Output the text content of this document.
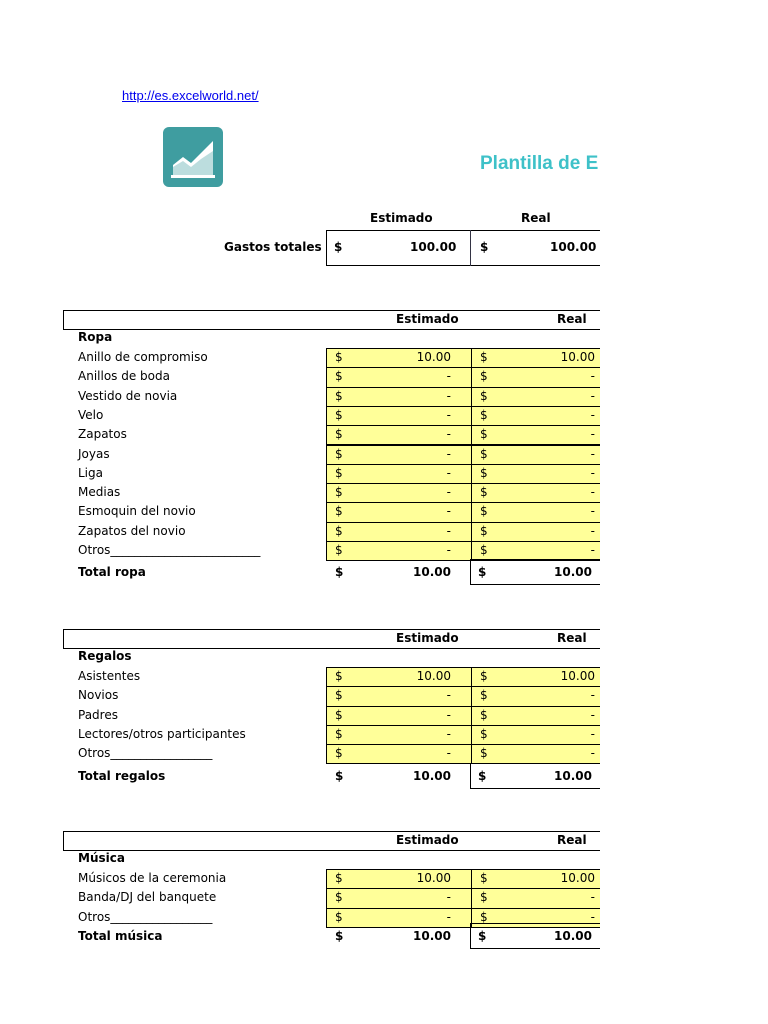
http://es.excelworld.net/
Plantilla de E
Estimado	Real
Gastos totales $	100.00 $	100.00
Estimado	Real
Ropa
Anillo de compromiso	$	10.00 $	10.00
Anillos de boda	$	- $	-
Vestido de novia	$	- $	-
Velo	$	- $	-
Zapatos	$	- $	-
Joyas	$	- $	-
Liga	$	- $	-
Medias	$	- $	-
Esmoquin del novio	$	- $	-
Zapatos del novio	$	- $	-
Otros_________________________	$	- $	-
Total ropa	$	10.00 $	10.00
Estimado	Real
Regalos
Asistentes	$	10.00 $	10.00
Novios	$	- $	-
Padres	$	- $	-
Lectores/otros participantes	$	- $	-
Otros_________________	$	- $	-
Total regalos	$	10.00 $	10.00
Estimado	Real
Música
Músicos de la ceremonia	$	10.00 $	10.00
Banda/DJ del banquete	$	- $	-
Otros_________________	$	- $	-
Total música	$	10.00 $	10.00
